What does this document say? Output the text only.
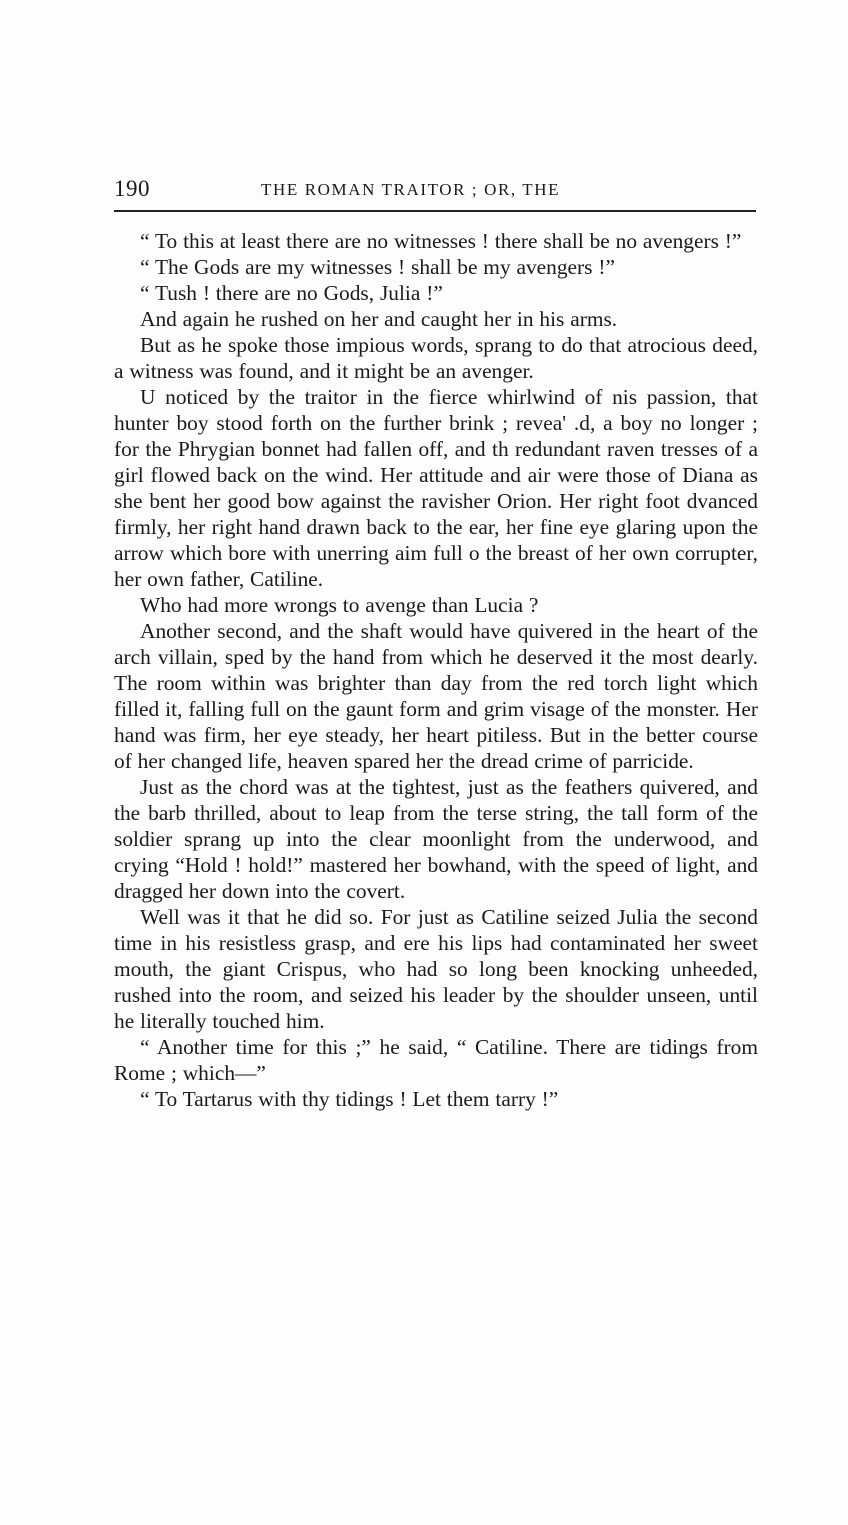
190	THE ROMAN TRAITOR ; OR, THE

“ To this at least there are no witnesses ! there shall be no avengers !”

“ The Gods are my witnesses ! shall be my avengers !”

“ Tush ! there are no Gods, Julia !”

And again he rushed on her and caught her in his arms.

But as he spoke those impious words, sprang to do that atrocious deed, a witness was found, and it might be an avenger.

U noticed by the traitor in the fierce whirlwind of nis passion, that hunter boy stood forth on the further brink ; revea' .d, a boy no longer ; for the Phrygian bonnet had fallen off, and th redundant raven tresses of a girl flowed back on the wind. Her attitude and air were those of Diana as she bent her good bow against the ravisher Orion. Her right foot dvanced firmly, her right hand drawn back to the ear, her fine eye glaring upon the arrow which bore with unerring aim full o the breast of her own corrupter, her own father, Catiline.

Who had more wrongs to avenge than Lucia ?

Another second, and the shaft would have quivered in the heart of the arch villain, sped by the hand from which he deserved it the most dearly. The room within was brighter than day from the red torch light which filled it, falling full on the gaunt form and grim visage of the monster. Her hand was firm, her eye steady, her heart pitiless. But in the better course of her changed life, heaven spared her the dread crime of parricide.

Just as the chord was at the tightest, just as the feathers quivered, and the barb thrilled, about to leap from the terse string, the tall form of the soldier sprang up into the clear moonlight from the underwood, and crying “Hold ! hold!” mastered her bowhand, with the speed of light, and dragged her down into the covert.

Well was it that he did so. For just as Catiline seized Julia the second time in his resistless grasp, and ere his lips had contaminated her sweet mouth, the giant Crispus, who had so long been knocking unheeded, rushed into the room, and seized his leader by the shoulder unseen, until he literally touched him.

“ Another time for this ;” he said, “ Catiline. There are tidings from Rome ; which—”

“ To Tartarus with thy tidings ! Let them tarry !”
